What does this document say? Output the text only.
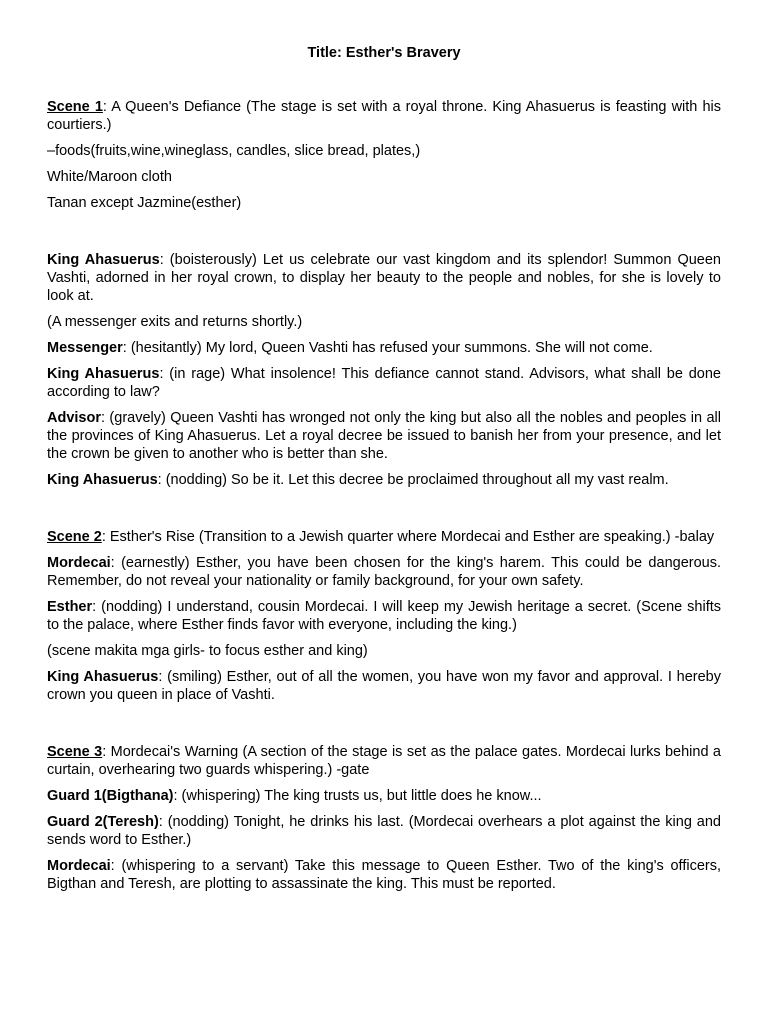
Title: Esther's Bravery

Scene 1: A Queen's Defiance (The stage is set with a royal throne. King Ahasuerus is feasting with his courtiers.)

–foods(fruits,wine,wineglass, candles, slice bread, plates,)

White/Maroon cloth

Tanan except Jazmine(esther)

King Ahasuerus: (boisterously) Let us celebrate our vast kingdom and its splendor! Summon Queen Vashti, adorned in her royal crown, to display her beauty to the people and nobles, for she is lovely to look at.

(A messenger exits and returns shortly.)

Messenger: (hesitantly) My lord, Queen Vashti has refused your summons. She will not come.

King Ahasuerus: (in rage) What insolence! This defiance cannot stand. Advisors, what shall be done according to law?

Advisor: (gravely) Queen Vashti has wronged not only the king but also all the nobles and peoples in all the provinces of King Ahasuerus. Let a royal decree be issued to banish her from your presence, and let the crown be given to another who is better than she.

King Ahasuerus: (nodding) So be it. Let this decree be proclaimed throughout all my vast realm.

Scene 2: Esther's Rise (Transition to a Jewish quarter where Mordecai and Esther are speaking.) -balay

Mordecai: (earnestly) Esther, you have been chosen for the king's harem. This could be dangerous. Remember, do not reveal your nationality or family background, for your own safety.

Esther: (nodding) I understand, cousin Mordecai. I will keep my Jewish heritage a secret. (Scene shifts to the palace, where Esther finds favor with everyone, including the king.)

(scene makita mga girls- to focus esther and king)

King Ahasuerus: (smiling) Esther, out of all the women, you have won my favor and approval. I hereby crown you queen in place of Vashti.

Scene 3: Mordecai's Warning (A section of the stage is set as the palace gates. Mordecai lurks behind a curtain, overhearing two guards whispering.) -gate

Guard 1(Bigthana): (whispering) The king trusts us, but little does he know...

Guard 2(Teresh): (nodding) Tonight, he drinks his last. (Mordecai overhears a plot against the king and sends word to Esther.)

Mordecai: (whispering to a servant) Take this message to Queen Esther. Two of the king's officers, Bigthan and Teresh, are plotting to assassinate the king. This must be reported.
